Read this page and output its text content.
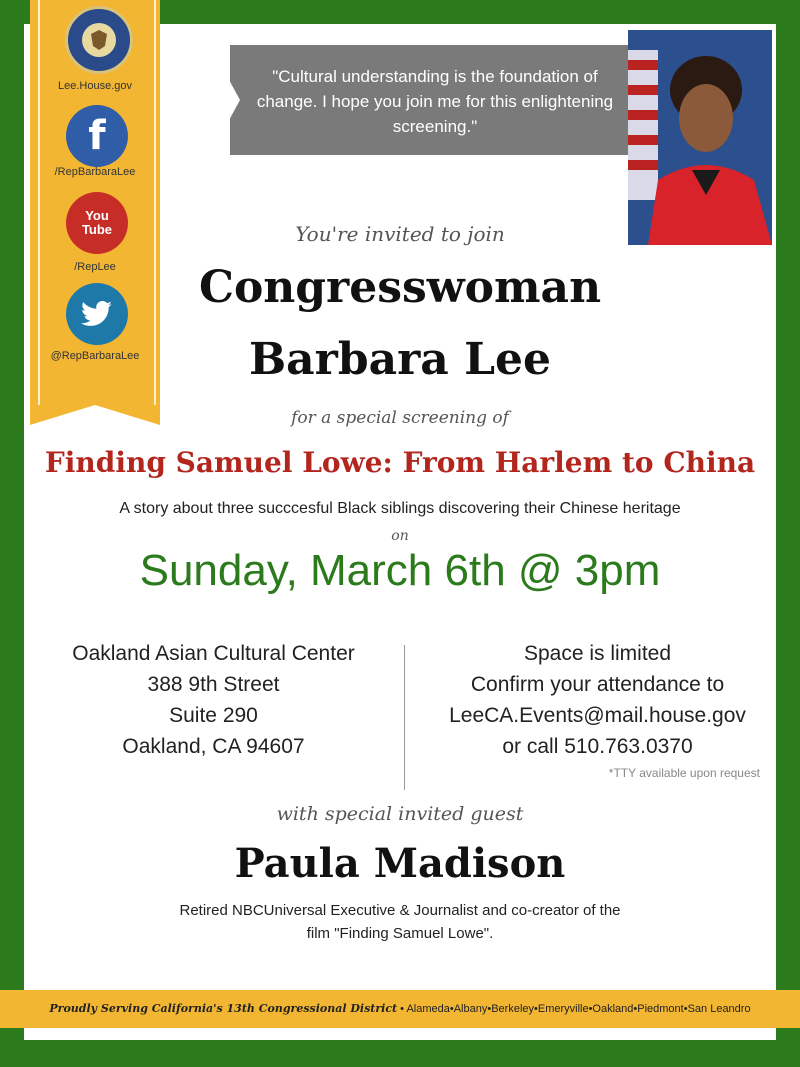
Lee.House.gov
f
/RepBarbaraLee
You
Tube
/RepLee
@RepBarbaraLee
"Cultural understanding is the foundation of change. I hope you join me for this enlightening screening."
You're invited to join
Congresswoman
Barbara Lee
for a special screening of
Finding Samuel Lowe: From Harlem to China
A story about three succcesful Black siblings discovering their Chinese heritage
on
Sunday, March 6th @ 3pm
Oakland Asian Cultural Center
388 9th Street
Suite 290
Oakland, CA 94607
Space is limited
Confirm your attendance to
LeeCA.Events@mail.house.gov
or call 510.763.0370
*TTY available upon request
with special invited guest
Paula Madison
Retired NBCUniversal Executive & Journalist and co-creator of the
film "Finding Samuel Lowe".
Proudly Serving California's 13th Congressional District • Alameda•Albany•Berkeley•Emeryville•Oakland•Piedmont•San Leandro
